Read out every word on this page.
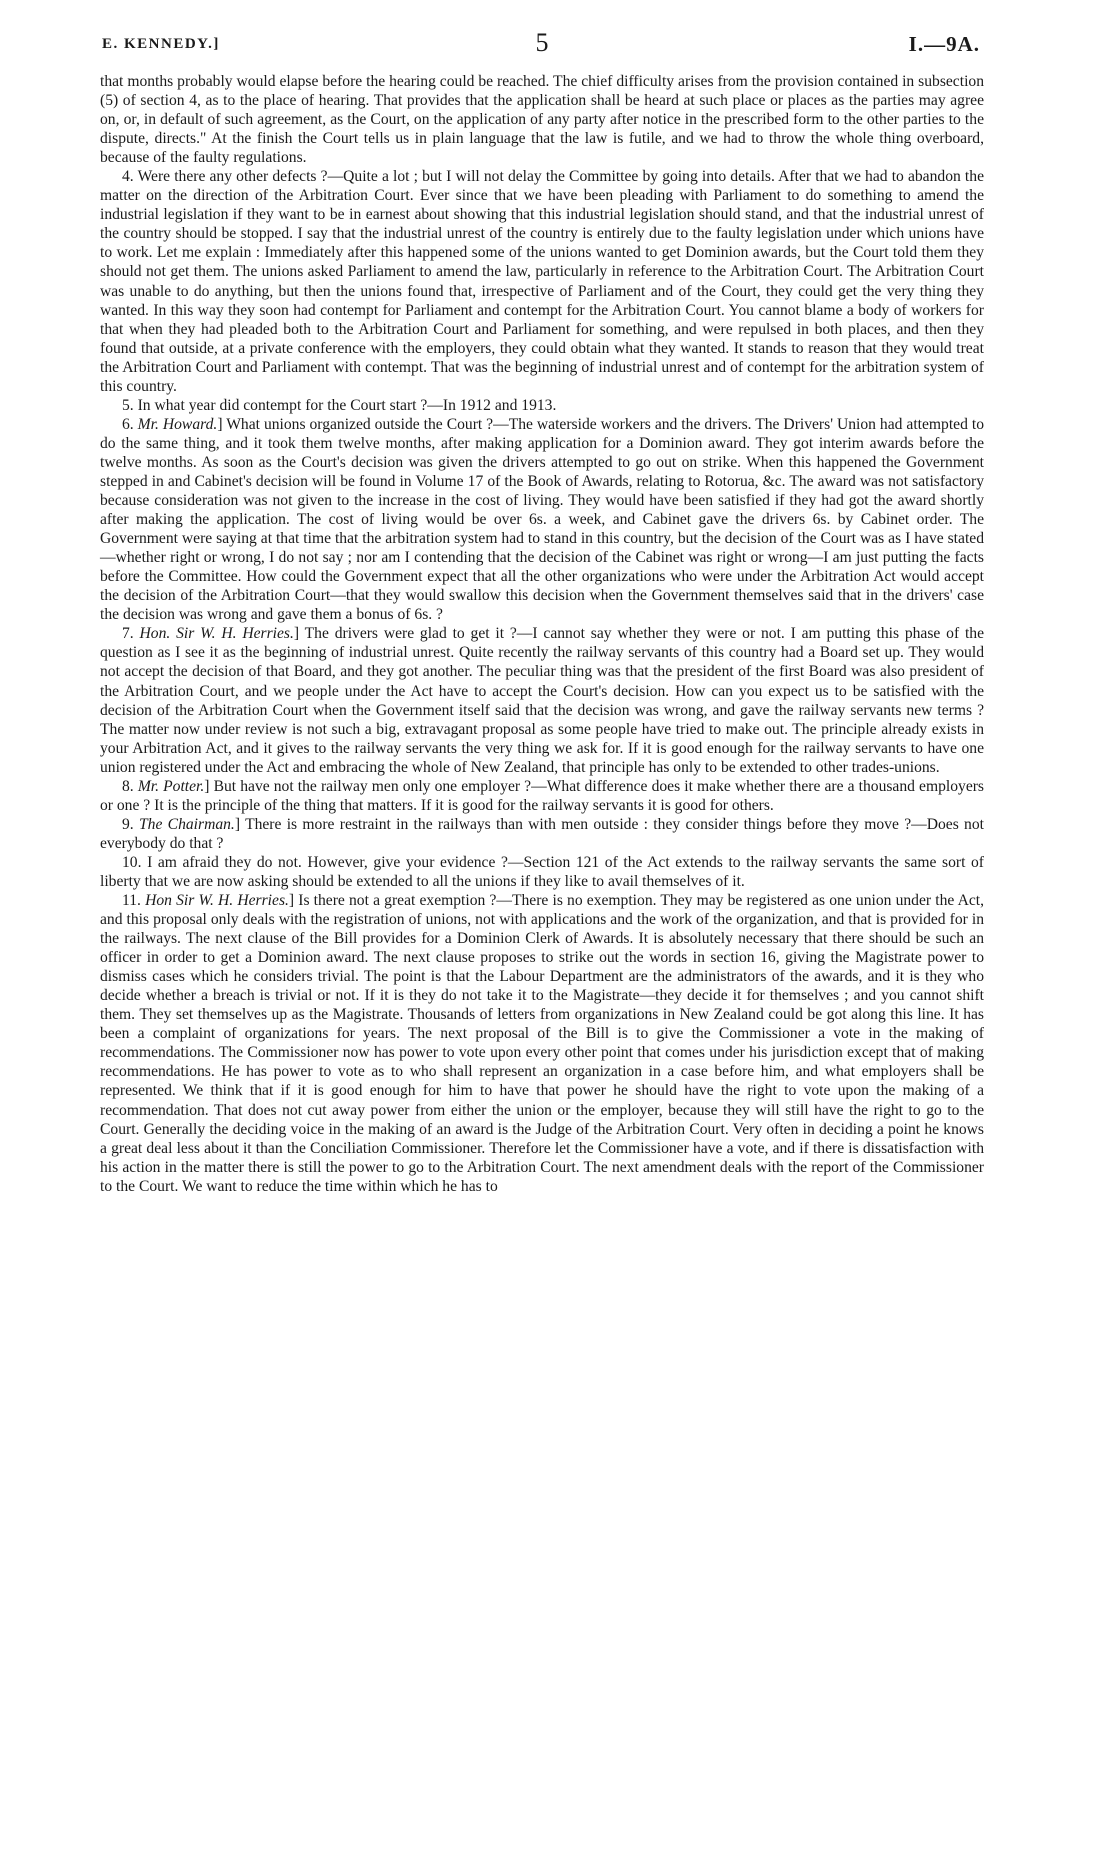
E. KENNEDY.]	5	I.—9A.

that months probably would elapse before the hearing could be reached. The chief difficulty arises from the provision contained in subsection (5) of section 4, as to the place of hearing. That provides that the application shall be heard at such place or places as the parties may agree on, or, in default of such agreement, as the Court, on the application of any party after notice in the prescribed form to the other parties to the dispute, directs." At the finish the Court tells us in plain language that the law is futile, and we had to throw the whole thing overboard, because of the faulty regulations.

4. Were there any other defects ?—Quite a lot ; but I will not delay the Committee by going into details. After that we had to abandon the matter on the direction of the Arbitration Court. Ever since that we have been pleading with Parliament to do something to amend the industrial legislation if they want to be in earnest about showing that this industrial legislation should stand, and that the industrial unrest of the country should be stopped. I say that the industrial unrest of the country is entirely due to the faulty legislation under which unions have to work. Let me explain : Immediately after this happened some of the unions wanted to get Dominion awards, but the Court told them they should not get them. The unions asked Parliament to amend the law, particularly in reference to the Arbitration Court. The Arbitration Court was unable to do anything, but then the unions found that, irrespective of Parliament and of the Court, they could get the very thing they wanted. In this way they soon had contempt for Parliament and contempt for the Arbitration Court. You cannot blame a body of workers for that when they had pleaded both to the Arbitration Court and Parliament for something, and were repulsed in both places, and then they found that outside, at a private conference with the employers, they could obtain what they wanted. It stands to reason that they would treat the Arbitration Court and Parliament with contempt. That was the beginning of industrial unrest and of contempt for the arbitration system of this country.

5. In what year did contempt for the Court start ?—In 1912 and 1913.

6. Mr. Howard.] What unions organized outside the Court ?—The waterside workers and the drivers. The Drivers' Union had attempted to do the same thing, and it took them twelve months, after making application for a Dominion award. They got interim awards before the twelve months. As soon as the Court's decision was given the drivers attempted to go out on strike. When this happened the Government stepped in and Cabinet's decision will be found in Volume 17 of the Book of Awards, relating to Rotorua, &c. The award was not satisfactory because consideration was not given to the increase in the cost of living. They would have been satisfied if they had got the award shortly after making the application. The cost of living would be over 6s. a week, and Cabinet gave the drivers 6s. by Cabinet order. The Government were saying at that time that the arbitration system had to stand in this country, but the decision of the Court was as I have stated—whether right or wrong, I do not say ; nor am I contending that the decision of the Cabinet was right or wrong—I am just putting the facts before the Committee. How could the Government expect that all the other organizations who were under the Arbitration Act would accept the decision of the Arbitration Court—that they would swallow this decision when the Government themselves said that in the drivers' case the decision was wrong and gave them a bonus of 6s. ?

7. Hon. Sir W. H. Herries.] The drivers were glad to get it ?—I cannot say whether they were or not. I am putting this phase of the question as I see it as the beginning of industrial unrest. Quite recently the railway servants of this country had a Board set up. They would not accept the decision of that Board, and they got another. The peculiar thing was that the president of the first Board was also president of the Arbitration Court, and we people under the Act have to accept the Court's decision. How can you expect us to be satisfied with the decision of the Arbitration Court when the Government itself said that the decision was wrong, and gave the railway servants new terms ? The matter now under review is not such a big, extravagant proposal as some people have tried to make out. The principle already exists in your Arbitration Act, and it gives to the railway servants the very thing we ask for. If it is good enough for the railway servants to have one union registered under the Act and embracing the whole of New Zealand, that principle has only to be extended to other trades-unions.

8. Mr. Potter.] But have not the railway men only one employer ?—What difference does it make whether there are a thousand employers or one ? It is the principle of the thing that matters. If it is good for the railway servants it is good for others.

9. The Chairman.] There is more restraint in the railways than with men outside : they consider things before they move ?—Does not everybody do that ?

10. I am afraid they do not. However, give your evidence ?—Section 121 of the Act extends to the railway servants the same sort of liberty that we are now asking should be extended to all the unions if they like to avail themselves of it.

11. Hon Sir W. H. Herries.] Is there not a great exemption ?—There is no exemption. They may be registered as one union under the Act, and this proposal only deals with the registration of unions, not with applications and the work of the organization, and that is provided for in the railways. The next clause of the Bill provides for a Dominion Clerk of Awards. It is absolutely necessary that there should be such an officer in order to get a Dominion award. The next clause proposes to strike out the words in section 16, giving the Magistrate power to dismiss cases which he considers trivial. The point is that the Labour Department are the administrators of the awards, and it is they who decide whether a breach is trivial or not. If it is they do not take it to the Magistrate—they decide it for themselves ; and you cannot shift them. They set themselves up as the Magistrate. Thousands of letters from organizations in New Zealand could be got along this line. It has been a complaint of organizations for years. The next proposal of the Bill is to give the Commissioner a vote in the making of recommendations. The Commissioner now has power to vote upon every other point that comes under his jurisdiction except that of making recommendations. He has power to vote as to who shall represent an organization in a case before him, and what employers shall be represented. We think that if it is good enough for him to have that power he should have the right to vote upon the making of a recommendation. That does not cut away power from either the union or the employer, because they will still have the right to go to the Court. Generally the deciding voice in the making of an award is the Judge of the Arbitration Court. Very often in deciding a point he knows a great deal less about it than the Conciliation Commissioner. Therefore let the Commissioner have a vote, and if there is dissatisfaction with his action in the matter there is still the power to go to the Arbitration Court. The next amendment deals with the report of the Commissioner to the Court. We want to reduce the time within which he has to
